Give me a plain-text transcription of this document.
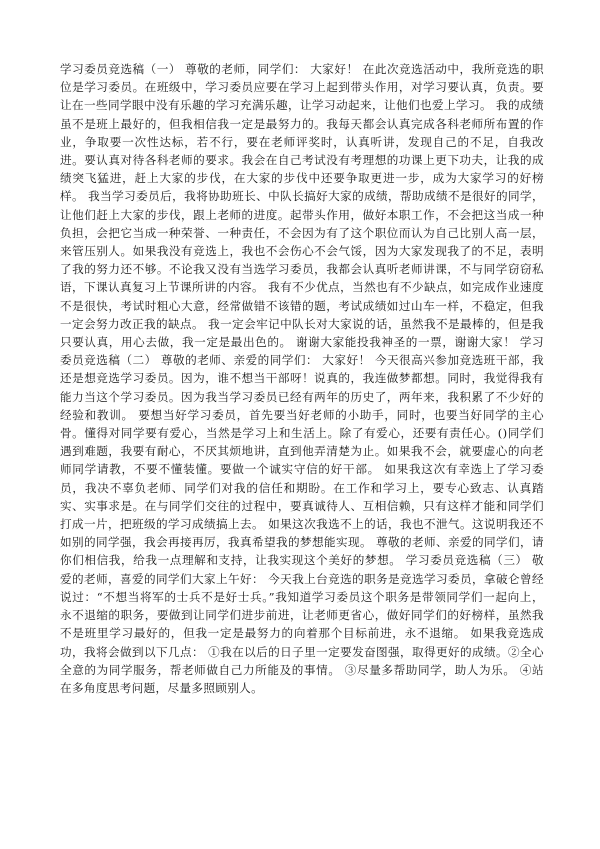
学习委员竞选稿（一） 尊敬的老师，同学们： 大家好！ 在此次竞选活动中，我所竞选的职位是学习委员。在班级中，学习委员应要在学习上起到带头作用，对学习要认真，负责。要让在一些同学眼中没有乐趣的学习充满乐趣，让学习动起来，让他们也爱上学习。 我的成绩虽不是班上最好的，但我相信我一定是最努力的。我每天都会认真完成各科老师所布置的作业，争取要一次性达标，若不行，要在老师评奖时，认真听讲，发现自己的不足，自我改进。要认真对待各科老师的要求。我会在自己考试没有考理想的功课上更下功夫，让我的成绩突飞猛进，赶上大家的步伐，在大家的步伐中还要争取更进一步，成为大家学习的好榜样。 我当学习委员后，我将协助班长、中队长搞好大家的成绩，帮助成绩不是很好的同学，让他们赶上大家的步伐，跟上老师的进度。起带头作用，做好本职工作，不会把这当成一种负担，会把它当成一种荣誉、一种责任，不会因为有了这个职位而认为自己比别人高一层，来管压别人。如果我没有竞选上，我也不会伤心不会气馁，因为大家发现我了的不足，表明了我的努力还不够。不论我又没有当选学习委员，我都会认真听老师讲课，不与同学窃窃私语，下课认真复习上节课所讲的内容。 我有不少优点，当然也有不少缺点，如完成作业速度不是很快，考试时粗心大意，经常做错不该错的题，考试成绩如过山车一样，不稳定，但我一定会努力改正我的缺点。 我一定会牢记中队长对大家说的话，虽然我不是最棒的，但是我只要认真，用心去做，我一定是最出色的。 谢谢大家能投我神圣的一票，谢谢大家！ 学习委员竞选稿（二） 尊敬的老师、亲爱的同学们： 大家好！ 今天很高兴参加竞选班干部，我还是想竞选学习委员。因为，谁不想当干部呀！说真的，我连做梦都想。同时，我觉得我有能力当这个学习委员。因为我当学习委员已经有两年的历史了，两年来，我积累了不少好的经验和教训。 要想当好学习委员，首先要当好老师的小助手，同时，也要当好同学的主心骨。懂得对同学要有爱心，当然是学习上和生活上。除了有爱心，还要有责任心。()同学们遇到难题，我要有耐心，不厌其烦地讲，直到他弄清楚为止。如果我不会，就要虚心的向老师同学请教，不要不懂装懂。要做一个诚实守信的好干部。 如果我这次有幸选上了学习委员，我决不辜负老师、同学们对我的信任和期盼。在工作和学习上，要专心致志、认真踏实、实事求是。在与同学们交往的过程中，要真诚待人、互相信赖，只有这样才能和同学们打成一片，把班级的学习成绩搞上去。 如果这次我选不上的话，我也不泄气。这说明我还不如别的同学强，我会再接再厉，我真希望我的梦想能实现。 尊敬的老师、亲爱的同学们，请你们相信我，给我一点理解和支持，让我实现这个美好的梦想。 学习委员竞选稿（三） 敬爱的老师，喜爱的同学们大家上午好： 今天我上台竞选的职务是竞选学习委员，拿破仑曾经说过：“不想当将军的士兵不是好士兵。”我知道学习委员这个职务是带领同学们一起向上，永不退缩的职务，要做到让同学们进步前进，让老师更省心，做好同学们的好榜样，虽然我不是班里学习最好的，但我一定是最努力的向着那个目标前进，永不退缩。 如果我竞选成功，我将会做到以下几点： ①我在以后的日子里一定要发奋图强，取得更好的成绩。②全心全意的为同学服务，帮老师做自己力所能及的事情。 ③尽量多帮助同学，助人为乐。 ④站在多角度思考问题，尽量多照顾别人。
